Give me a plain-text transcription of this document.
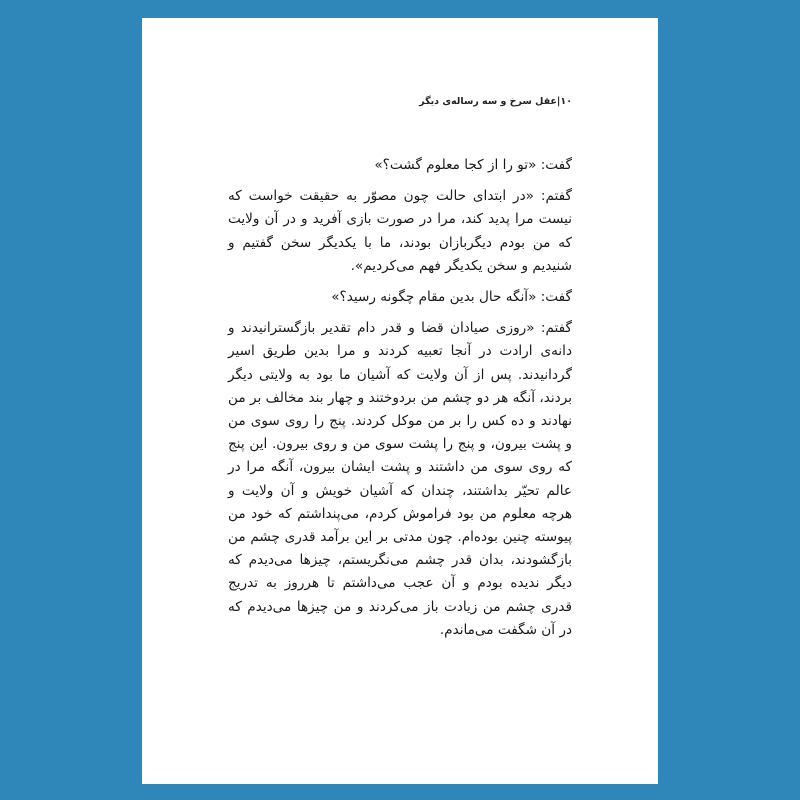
۱۰|عقل سرخ و سه رساله‌ی دیگر

گفت: «تو را از کجا معلوم گشت؟»

گفتم: «در ابتدای حالت چون مصوّر به حقیقت خواست که نیست مرا پدید کند، مرا در صورت بازی آفرید و در آن ولایت که من بودم دیگربازان بودند، ما با یکدیگر سخن گفتیم و شنیدیم و سخن یکدیگر فهم می‌کردیم».

گفت: «آنگه حال بدین مقام چگونه رسید؟»

گفتم: «روزی صیادان قضا و قدر دام تقدیر بازگسترانیدند و دانه‌ی ارادت در آنجا تعبیه کردند و مرا بدین طریق اسیر گردانیدند. پس از آن ولایت که آشیان ما بود به ولایتی دیگر بردند، آنگه هر دو چشم من بردوختند و چهار بند مخالف بر من نهادند و ده کس را بر من موکل کردند. پنج را روی سوی من و پشت بیرون، و پنج را پشت سوی من و روی بیرون. این پنج که روی سوی من داشتند و پشت ایشان بیرون، آنگه مرا در عالم تحیّر بداشتند، چندان که آشیان خویش و آن ولایت و هرچه معلوم من بود فراموش کردم، می‌پنداشتم که خود من پیوسته چنین بوده‌ام. چون مدتی بر این برآمد قدری چشم من بازگشودند، بدان قدر چشم می‌نگریستم، چیزها می‌دیدم که دیگر ندیده بودم و آن عجب می‌داشتم تا هرروز به تدریج قدری چشم من زیادت باز می‌کردند و من چیزها می‌دیدم که در آن شگفت می‌ماندم.
